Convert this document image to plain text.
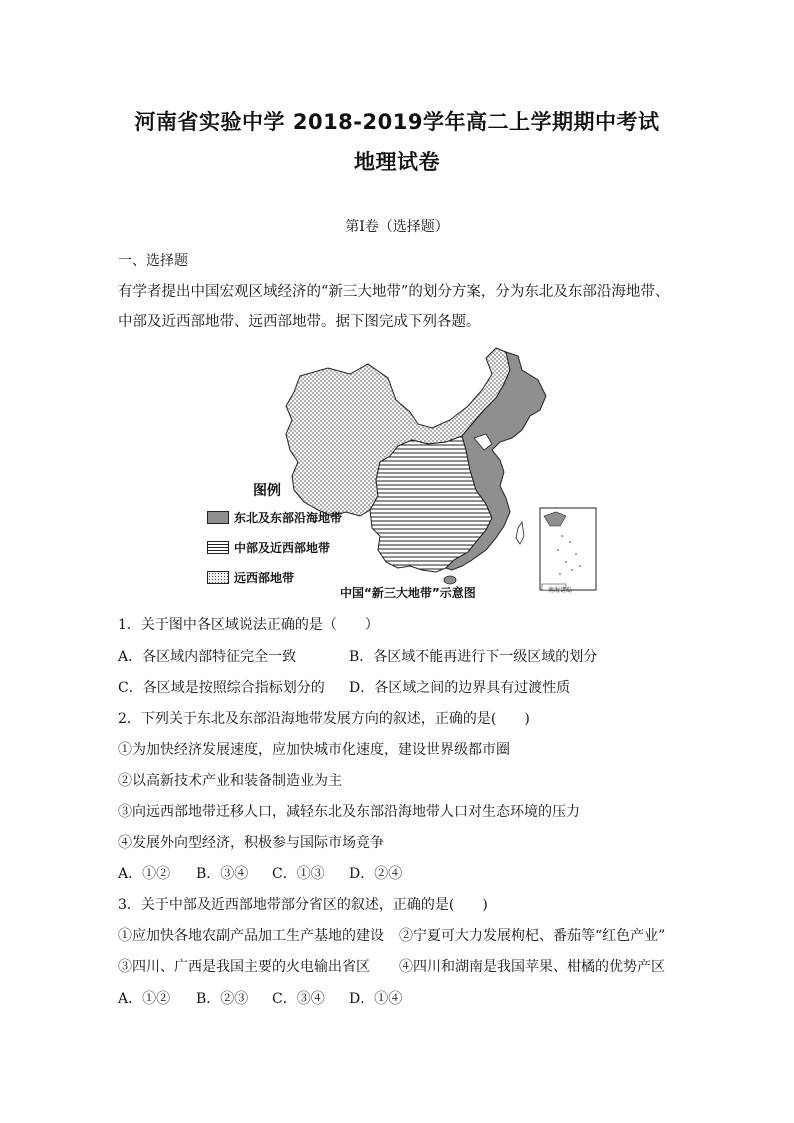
河南省实验中学 2018-2019学年高二上学期期中考试
地理试卷
第Ⅰ卷（选择题）
一、选择题
有学者提出中国宏观区域经济的“新三大地带”的划分方案，分为东北及东部沿海地带、中部及近西部地带、远西部地带。据下图完成下列各题。
图例
东北及东部沿海地带
中部及近西部地带
远西部地带
中国“新三大地带”示意图	南海诸岛
1．关于图中各区域说法正确的是（　　）
A．各区域内部特征完全一致	B．各区域不能再进行下一级区域的划分
C．各区域是按照综合指标划分的 D．各区域之间的边界具有过渡性质
2．下列关于东北及东部沿海地带发展方向的叙述，正确的是(　　)
①为加快经济发展速度，应加快城市化速度，建设世界级都市圈
②以高新技术产业和装备制造业为主
③向远西部地带迁移人口，减轻东北及东部沿海地带人口对生态环境的压力
④发展外向型经济，积极参与国际市场竞争
A．①② B．③④ C．①③ D．②④
3．关于中部及近西部地带部分省区的叙述，正确的是(　　)
①应加快各地农副产品加工生产基地的建设 ②宁夏可大力发展枸杞、番茄等“红色产业”
③四川、广西是我国主要的火电输出省区 ④四川和湖南是我国苹果、柑橘的优势产区
A．①② B．②③ C．③④ D．①④
